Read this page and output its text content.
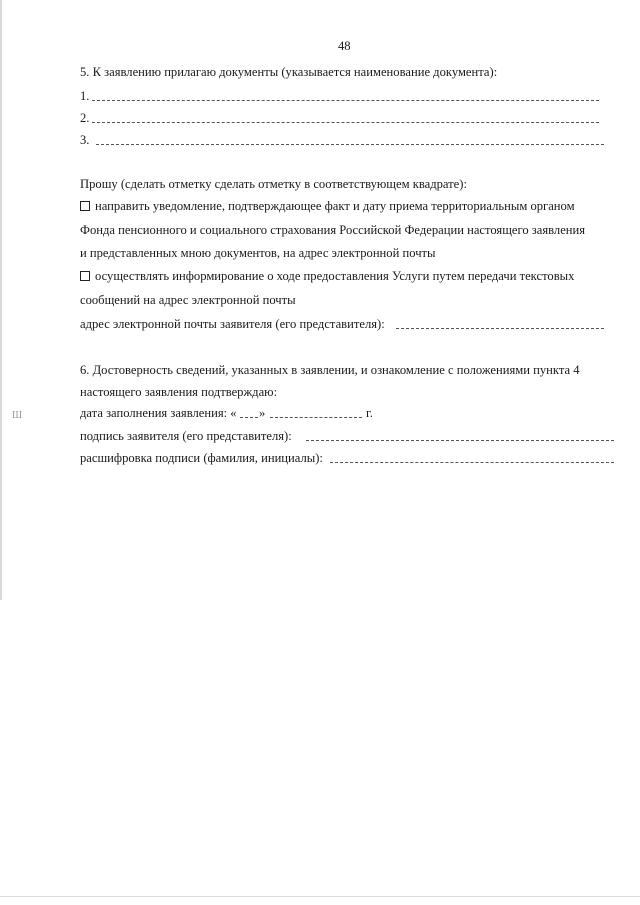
Ш
48
5. К заявлению прилагаю документы (указывается наименование документа):
1.
2.
3.
Прошу (сделать отметку сделать отметку в соответствующем квадрате):
направить уведомление, подтверждающее факт и дату приема территориальным органом
Фонда пенсионного и социального страхования Российской Федерации настоящего заявления
и представленных мною документов, на адрес электронной почты
осуществлять информирование о ходе предоставления Услуги путем передачи текстовых
сообщений на адрес электронной почты
адрес электронной почты заявителя (его представителя):
6. Достоверность сведений, указанных в заявлении, и ознакомление с положениями пункта 4
настоящего заявления подтверждаю:
дата заполнения заявления: « »	г.
подпись заявителя (его представителя):
расшифровка подписи (фамилия, инициалы):
